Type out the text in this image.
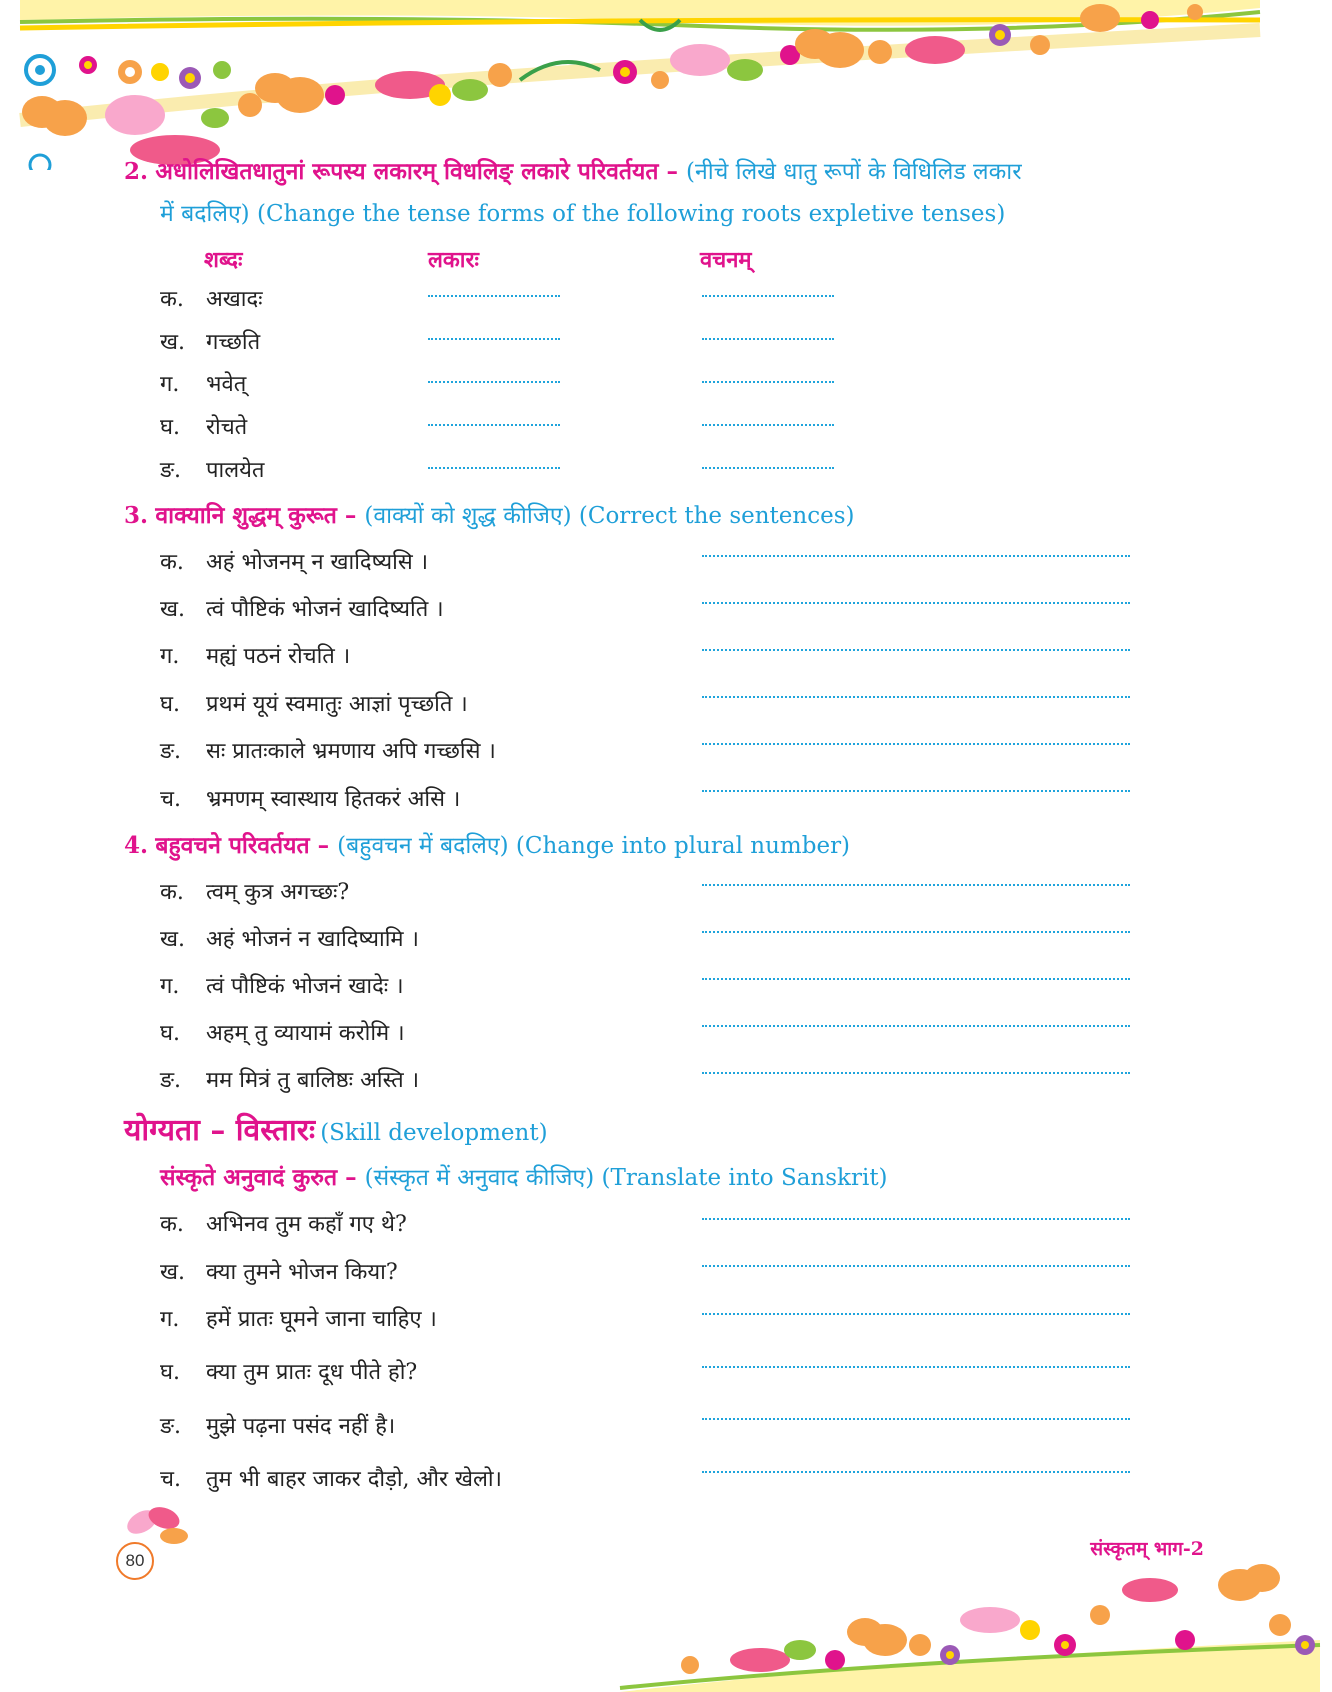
2. अधोलिखितधातुनां रूपस्य लकारम् विधलिङ् लकारे परिवर्तयत – (नीचे लिखे धातु रूपों के विधिलिड लकार
में बदलिए) (Change the tense forms of the following roots expletive tenses)
शब्दः	लकारः	वचनम्
क. अखादः
ख. गच्छति
ग. भवेत्
घ. रोचते
ङ. पालयेत
3. वाक्यानि शुद्धम् कुरूत – (वाक्यों को शुद्ध कीजिए) (Correct the sentences)
क. अहं भोजनम् न खादिष्यसि ।
ख. त्वं पौष्टिकं भोजनं खादिष्यति ।
ग. मह्यं पठनं रोचति ।
घ. प्रथमं यूयं स्वमातुः आज्ञां पृच्छति ।
ङ. सः प्रातःकाले भ्रमणाय अपि गच्छसि ।
च. भ्रमणम् स्वास्थाय हितकरं असि ।
4. बहुवचने परिवर्तयत – (बहुवचन में बदलिए) (Change into plural number)
क. त्वम् कुत्र अगच्छः?
ख. अहं भोजनं न खादिष्यामि ।
ग. त्वं पौष्टिकं भोजनं खादेः ।
घ. अहम् तु व्यायामं करोमि ।
ङ. मम मित्रं तु बालिष्ठः अस्ति ।
योग्यता – विस्तारः (Skill development)
संस्कृते अनुवादं कुरुत – (संस्कृत में अनुवाद कीजिए) (Translate into Sanskrit)
क. अभिनव तुम कहाँ गए थे?
ख. क्या तुमने भोजन किया?
ग. हमें प्रातः घूमने जाना चाहिए ।
घ. क्या तुम प्रातः दूध पीते हो?
ङ. मुझे पढ़ना पसंद नहीं है।
च. तुम भी बाहर जाकर दौड़ो, और खेलो।
80
संस्कृतम् भाग-2
